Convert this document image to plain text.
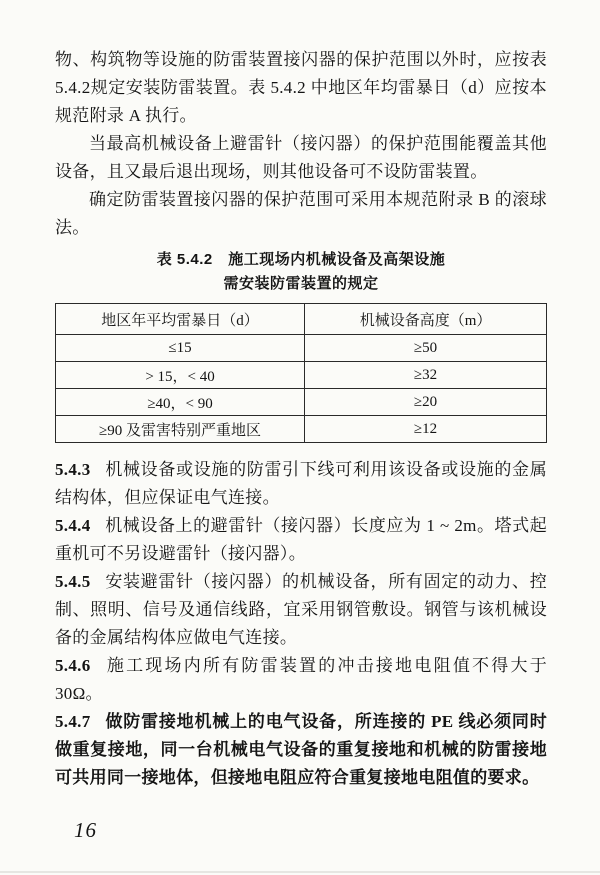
物、构筑物等设施的防雷装置接闪器的保护范围以外时，应按表 5.4.2规定安装防雷装置。表 5.4.2 中地区年均雷暴日（d）应按本规范附录 A 执行。

当最高机械设备上避雷针（接闪器）的保护范围能覆盖其他设备，且又最后退出现场，则其他设备可不设防雷装置。

确定防雷装置接闪器的保护范围可采用本规范附录 B 的滚球法。

表 5.4.2　施工现场内机械设备及高架设施
需安装防雷装置的规定
地区年平均雷暴日（d）	机械设备高度（m）
≤15	≥50
> 15，< 40	≥32
≥40，< 90	≥20
≥90 及雷害特别严重地区	≥12

5.4.3 机械设备或设施的防雷引下线可利用该设备或设施的金属结构体，但应保证电气连接。

5.4.4 机械设备上的避雷针（接闪器）长度应为 1 ~ 2m。塔式起重机可不另设避雷针（接闪器）。

5.4.5 安装避雷针（接闪器）的机械设备，所有固定的动力、控制、照明、信号及通信线路，宜采用钢管敷设。钢管与该机械设备的金属结构体应做电气连接。

5.4.6 施工现场内所有防雷装置的冲击接地电阻值不得大于30Ω。

5.4.7 做防雷接地机械上的电气设备，所连接的 PE 线必须同时做重复接地，同一台机械电气设备的重复接地和机械的防雷接地可共用同一接地体，但接地电阻应符合重复接地电阻值的要求。

16
